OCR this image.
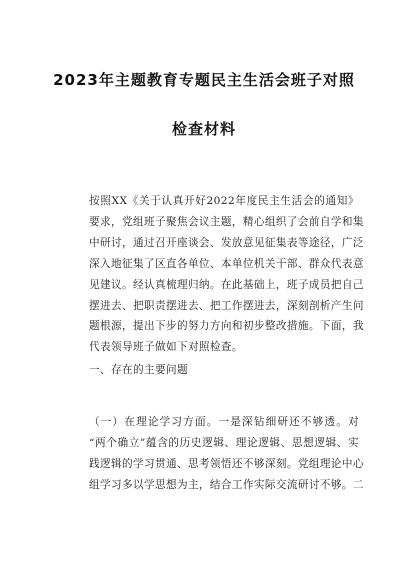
2023年主题教育专题民主生活会班子对照
检查材料
按照XX《关于认真开好2022年度民主生活会的通知》
要求，党组班子聚焦会议主题，精心组织了会前自学和集
中研讨，通过召开座谈会、发放意见征集表等途径，广泛
深入地征集了区直各单位、本单位机关干部、群众代表意
见建议。经认真梳理归纳。在此基础上，班子成员把自己
摆进去、把职责摆进去、把工作摆进去，深刻剖析产生问
题根源，提出下步的努力方向和初步整改措施。下面，我
代表领导班子做如下对照检查。
一、存在的主要问题
（一）在理论学习方面。一是深钻细研还不够透。对
“两个确立”蕴含的历史逻辑、理论逻辑、思想逻辑、实
践逻辑的学习贯通、思考领悟还不够深刻。党组理论中心
组学习多以学思想为主，结合工作实际交流研讨不够。二
